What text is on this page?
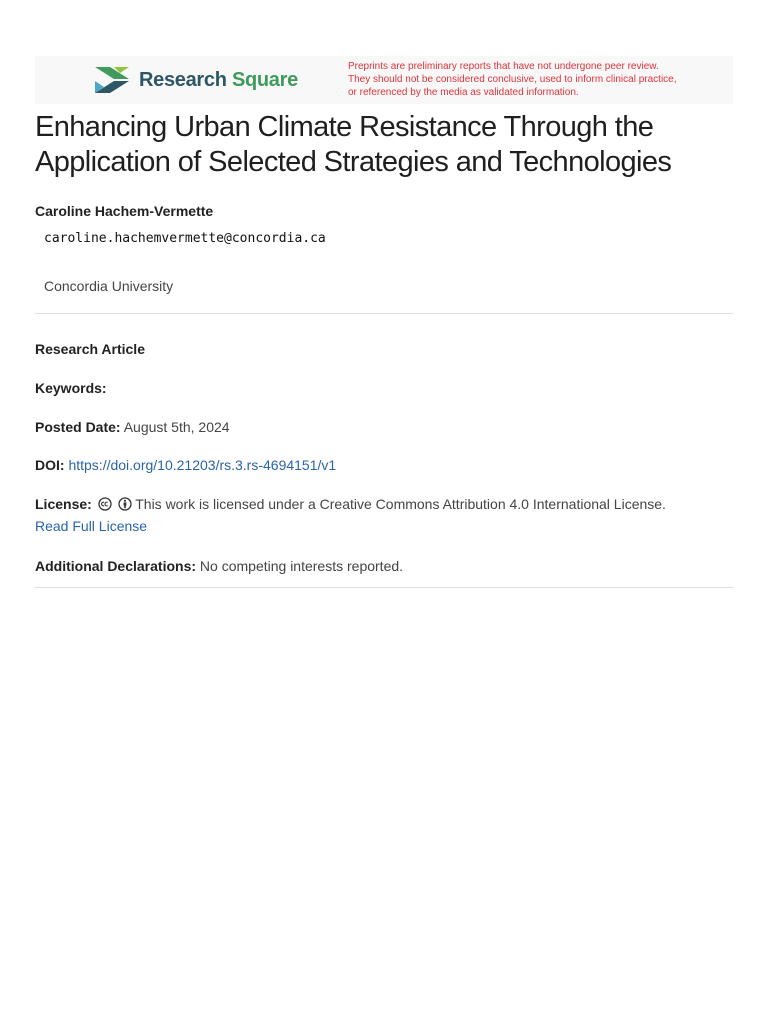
Research Square
Preprints are preliminary reports that have not undergone peer review.
They should not be considered conclusive, used to inform clinical practice,
or referenced by the media as validated information.
Enhancing Urban Climate Resistance Through the Application of Selected Strategies and Technologies
Caroline Hachem-Vermette
caroline.hachemvermette@concordia.ca
Concordia University
Research Article
Keywords:
Posted Date: August 5th, 2024
DOI: https://doi.org/10.21203/rs.3.rs-4694151/v1
License:	This work is licensed under a Creative Commons Attribution 4.0 International License.
Read Full License
Additional Declarations: No competing interests reported.
